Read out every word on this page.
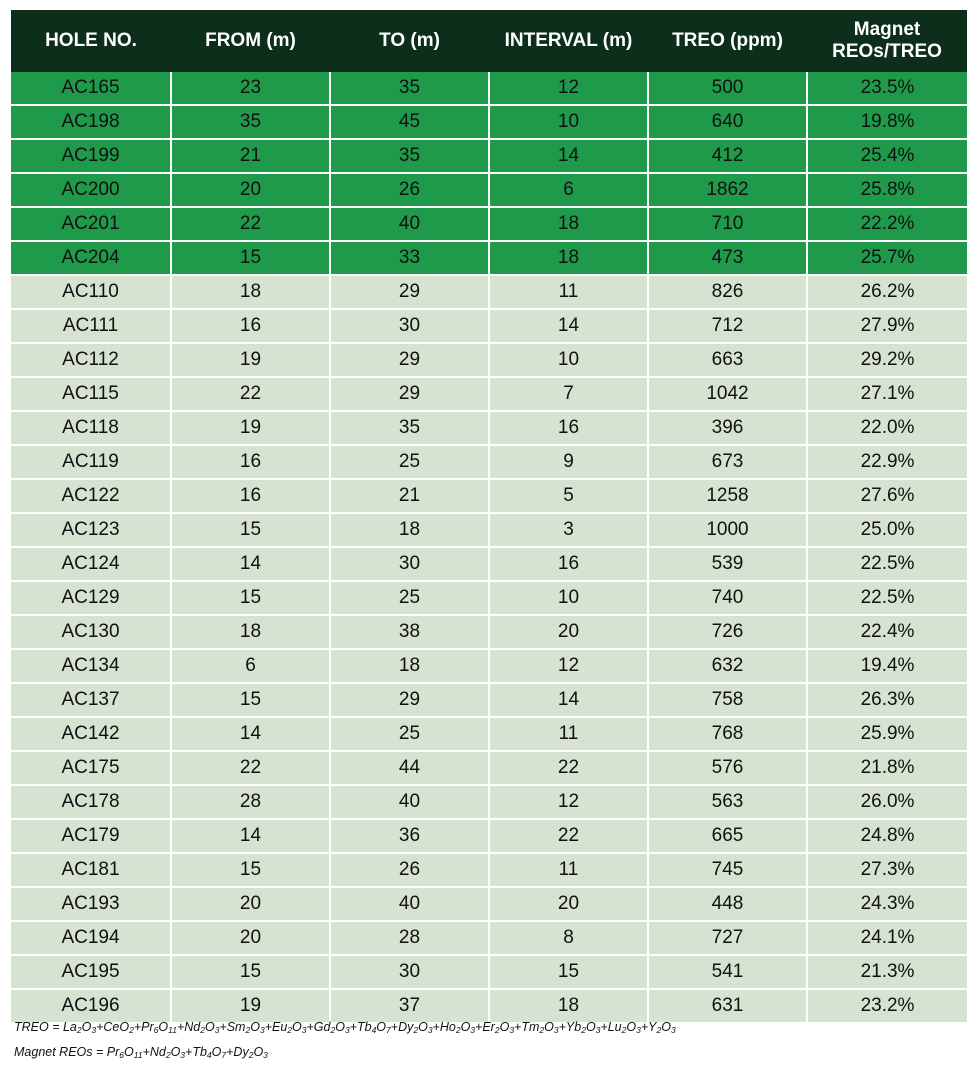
HOLE NO.	FROM (m)	TO (m)	INTERVAL (m)	TREO (ppm)	Magnet
REOs/TREO
AC165	23	35	12	500	23.5%
AC198	35	45	10	640	19.8%
AC199	21	35	14	412	25.4%
AC200	20	26	6	1862	25.8%
AC201	22	40	18	710	22.2%
AC204	15	33	18	473	25.7%
AC110	18	29	11	826	26.2%
AC111	16	30	14	712	27.9%
AC112	19	29	10	663	29.2%
AC115	22	29	7	1042	27.1%
AC118	19	35	16	396	22.0%
AC119	16	25	9	673	22.9%
AC122	16	21	5	1258	27.6%
AC123	15	18	3	1000	25.0%
AC124	14	30	16	539	22.5%
AC129	15	25	10	740	22.5%
AC130	18	38	20	726	22.4%
AC134	6	18	12	632	19.4%
AC137	15	29	14	758	26.3%
AC142	14	25	11	768	25.9%
AC175	22	44	22	576	21.8%
AC178	28	40	12	563	26.0%
AC179	14	36	22	665	24.8%
AC181	15	26	11	745	27.3%
AC193	20	40	20	448	24.3%
AC194	20	28	8	727	24.1%
AC195	15	30	15	541	21.3%
AC196	19	37	18	631	23.2%
TREO = $La_2O_3+CeO_2+Pr_6O_{11}+Nd_2O_3+Sm_2O_3+Eu_2O_3+Gd_2O_3+Tb_4O_7+Dy_2O_3+Ho_2O_3+Er_2O_3+Tm_2O_3+Yb_2O_3+Lu_2O_3+Y_2O_3$
Magnet REOs = $Pr_6O_{11}+Nd_2O_3+Tb_4O_7+Dy_2O_3$
